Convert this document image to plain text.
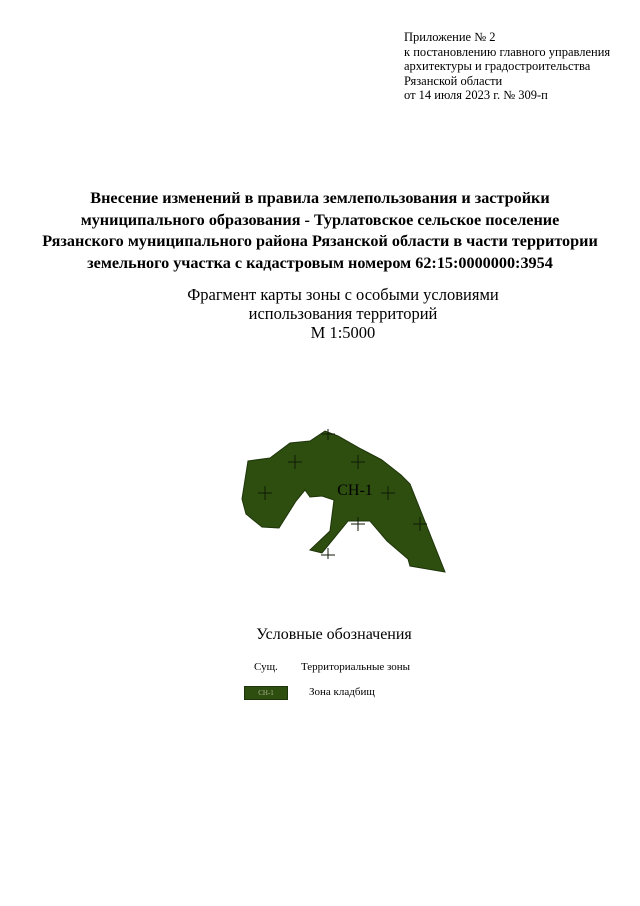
Приложение № 2
к постановлению главного управления
архитектуры и градостроительства
Рязанской области
от 14 июля 2023 г. № 309-п
Внесение изменений в правила землепользования и застройки
муниципального образования - Турлатовское сельское поселение
Рязанского муниципального района Рязанской области в части территории
земельного участка с кадастровым номером 62:15:0000000:3954
Фрагмент карты зоны с особыми условиями
использования территорий
М 1:5000
СН-1
Условные обозначения
Сущ. Территориальные зоны
СН-1	Зона кладбищ
